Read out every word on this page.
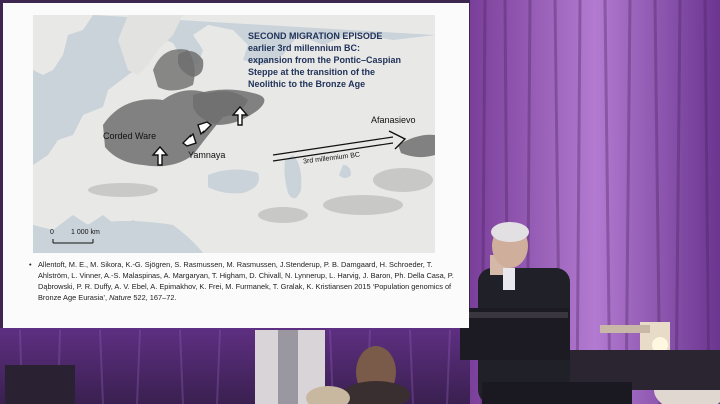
SECOND MIGRATION EPISODE
earlier 3rd millennium BC:
expansion from the Pontic–Caspian
Steppe at the transition of the
Neolithic to the Bronze Age
Corded Ware
Yamnaya
Afanasievo
3rd millennium BC
0 1 000 km
• Allentoft, M. E., M. Sikora, K.-G. Sjögren, S. Rasmussen, M. Rasmussen, J.Stenderup, P. B. Damgaard, H. Schroeder, T. Ahlström, L. Vinner, A.-S. Malaspinas, A. Margaryan, T. Higham, D. Chivall, N. Lynnerup, L. Harvig, J. Baron, Ph. Della Casa, P. Dąbrowski, P. R. Duffy, A. V. Ebel, A. Epimakhov, K. Frei, M. Furmanek, T. Gralak, K. Kristiansen 2015 ‘Population genomics of Bronze Age Eurasia’, Nature 522, 167–72.
